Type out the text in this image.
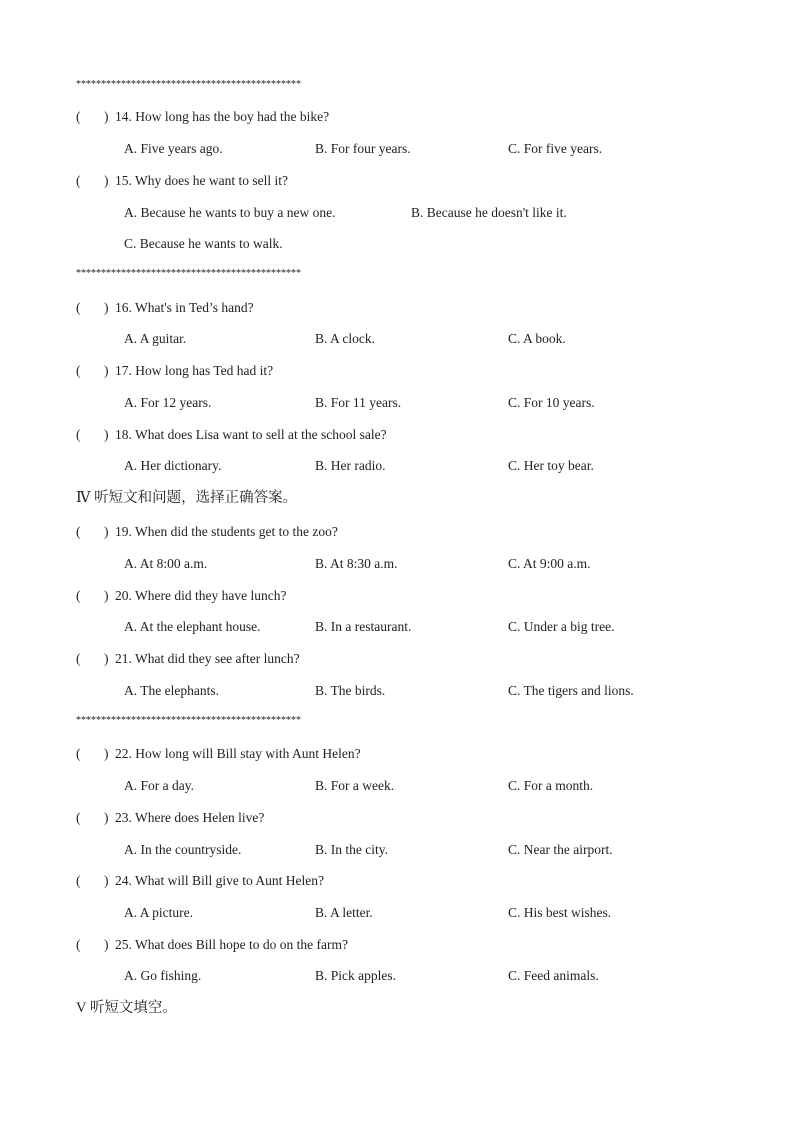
*********************************************
( ) 14. How long has the boy had the bike?
A. Five years ago.	B. For four years.	C. For five years.
( ) 15. Why does he want to sell it?
A. Because he wants to buy a new one.	B. Because he doesn't like it.
C. Because he wants to walk.
*********************************************
( ) 16. What's in Ted’s hand?
A. A guitar.	B. A clock.	C. A book.
( ) 17. How long has Ted had it?
A. For 12 years.	B. For 11 years.	C. For 10 years.
( ) 18. What does Lisa want to sell at the school sale?
A. Her dictionary.	B. Her radio.	C. Her toy bear.
Ⅳ 听短文和问题，选择正确答案。
( ) 19. When did the students get to the zoo?
A. At 8:00 a.m.	B. At 8:30 a.m.	C. At 9:00 a.m.
( ) 20. Where did they have lunch?
A. At the elephant house.	B. In a restaurant.	C. Under a big tree.
( ) 21. What did they see after lunch?
A. The elephants.	B. The birds.	C. The tigers and lions.
*********************************************
( ) 22. How long will Bill stay with Aunt Helen?
A. For a day.	B. For a week.	C. For a month.
( ) 23. Where does Helen live?
A. In the countryside.	B. In the city.	C. Near the airport.
( ) 24. What will Bill give to Aunt Helen?
A. A picture.	B. A letter.	C. His best wishes.
( ) 25. What does Bill hope to do on the farm?
A. Go fishing.	B. Pick apples.	C. Feed animals.
V 听短文填空。
